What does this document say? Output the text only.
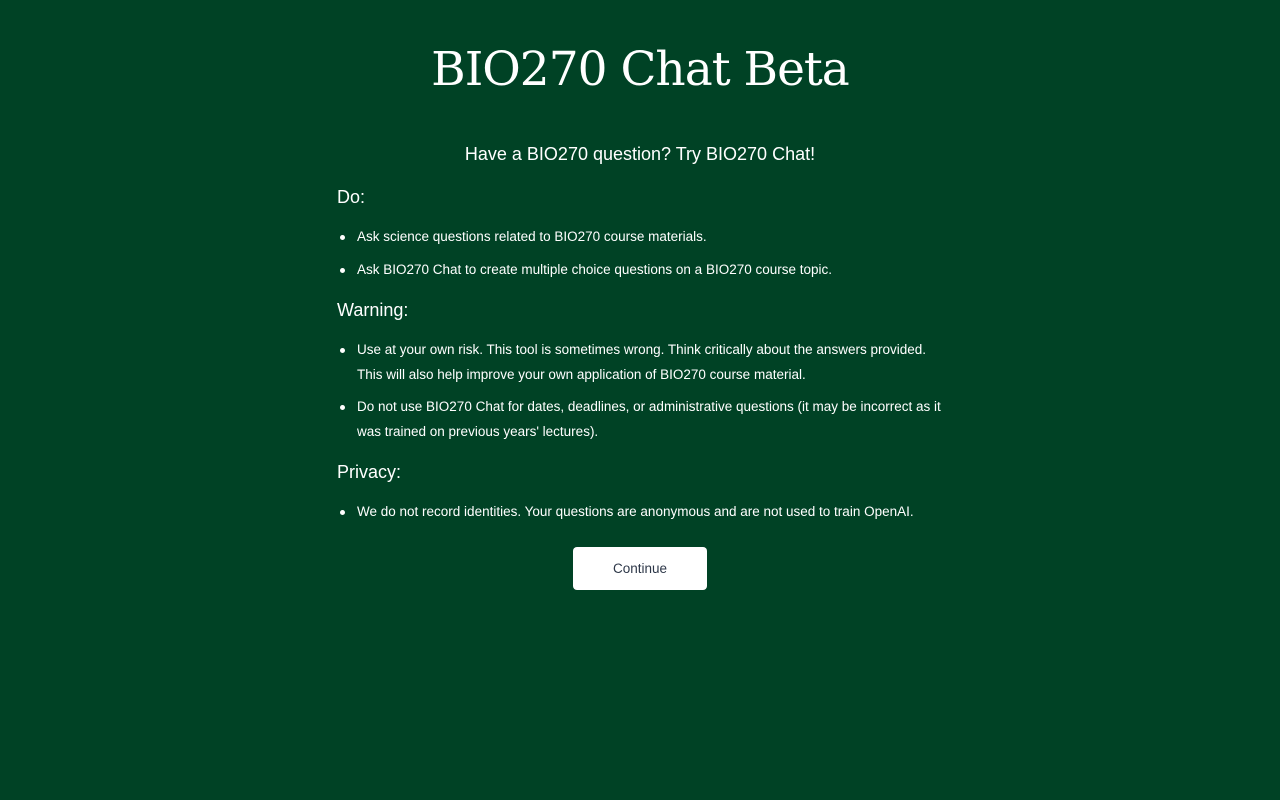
BIO270 Chat Beta

Have a BIO270 question? Try BIO270 Chat!

Do:
Ask science questions related to BIO270 course materials.
Ask BIO270 Chat to create multiple choice questions on a BIO270 course topic.
Warning:
Use at your own risk. This tool is sometimes wrong. Think critically about the answers provided. This will also help improve your own application of BIO270 course material.
Do not use BIO270 Chat for dates, deadlines, or administrative questions (it may be incorrect as it was trained on previous years' lectures).
Privacy:
We do not record identities. Your questions are anonymous and are not used to train OpenAI.
Continue
